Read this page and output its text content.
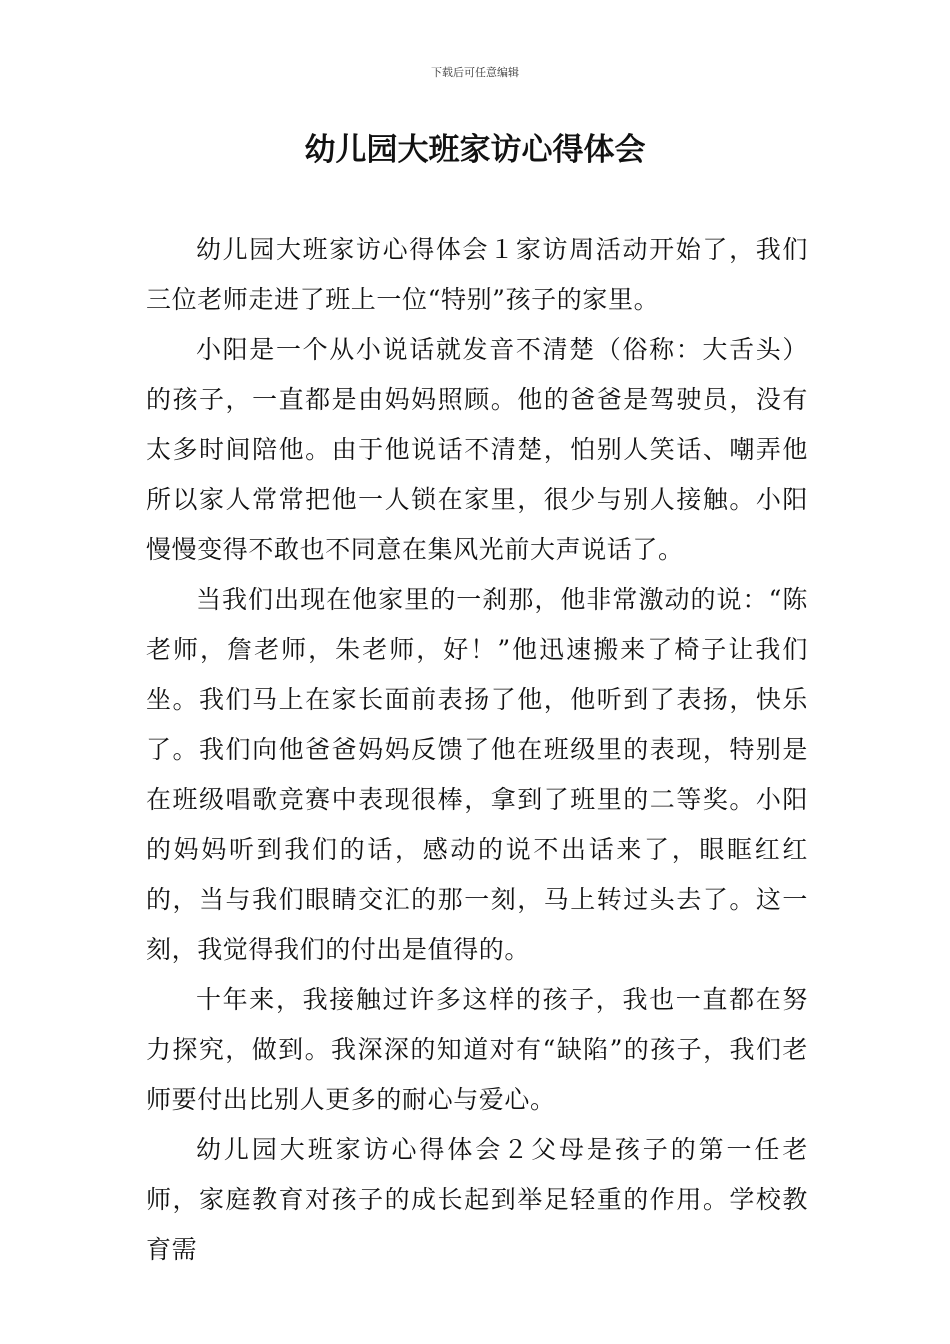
下载后可任意编辑
幼儿园大班家访心得体会

幼儿园大班家访心得体会１家访周活动开始了，我们三位老师走进了班上一位“特别”孩子的家里。

小阳是一个从小说话就发音不清楚（俗称：大舌头）的孩子，一直都是由妈妈照顾。他的爸爸是驾驶员，没有太多时间陪他。由于他说话不清楚，怕别人笑话、嘲弄他所以家人常常把他一人锁在家里，很少与别人接触。小阳慢慢变得不敢也不同意在集风光前大声说话了。

当我们出现在他家里的一刹那，他非常激动的说：“陈老师，詹老师，朱老师，好！”他迅速搬来了椅子让我们坐。我们马上在家长面前表扬了他，他听到了表扬，快乐了。我们向他爸爸妈妈反馈了他在班级里的表现，特别是在班级唱歌竞赛中表现很棒，拿到了班里的二等奖。小阳的妈妈听到我们的话，感动的说不出话来了，眼眶红红的，当与我们眼睛交汇的那一刻，马上转过头去了。这一刻，我觉得我们的付出是值得的。

十年来，我接触过许多这样的孩子，我也一直都在努力探究，做到。我深深的知道对有“缺陷”的孩子，我们老师要付出比别人更多的耐心与爱心。

幼儿园大班家访心得体会２父母是孩子的第一任老师，家庭教育对孩子的成长起到举足轻重的作用。学校教育需
